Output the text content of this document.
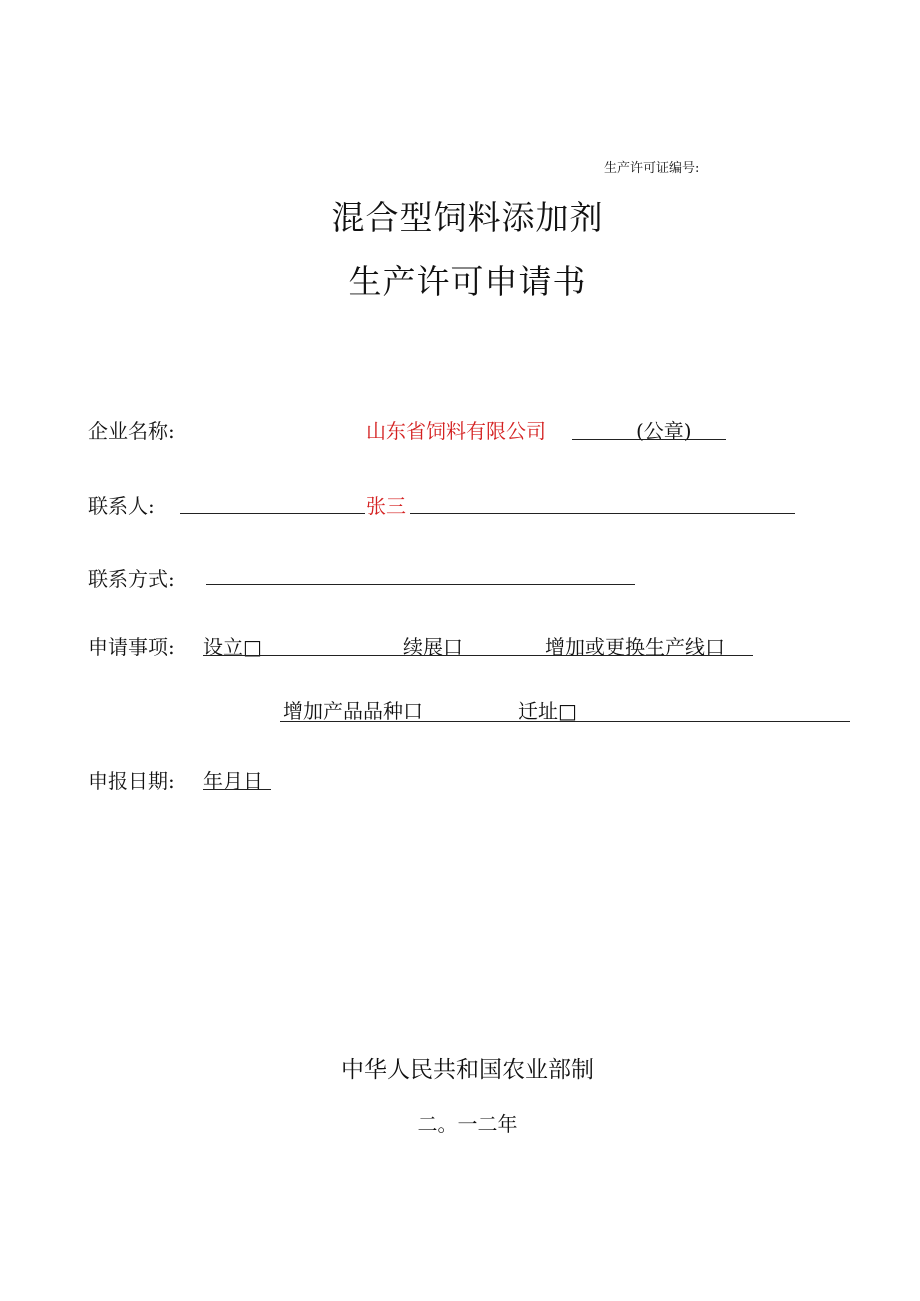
生产许可证编号:
混合型饲料添加剂
生产许可申请书
企业名称:	山东省饲料有限公司	(公章)
联系人:	张三
联系方式:
申请事项: 设立□	续展口	增加或更换生产线口
增加产品品种口	迁址□
申报日期: 年月日
中华人民共和国农业部制
二。一二年
